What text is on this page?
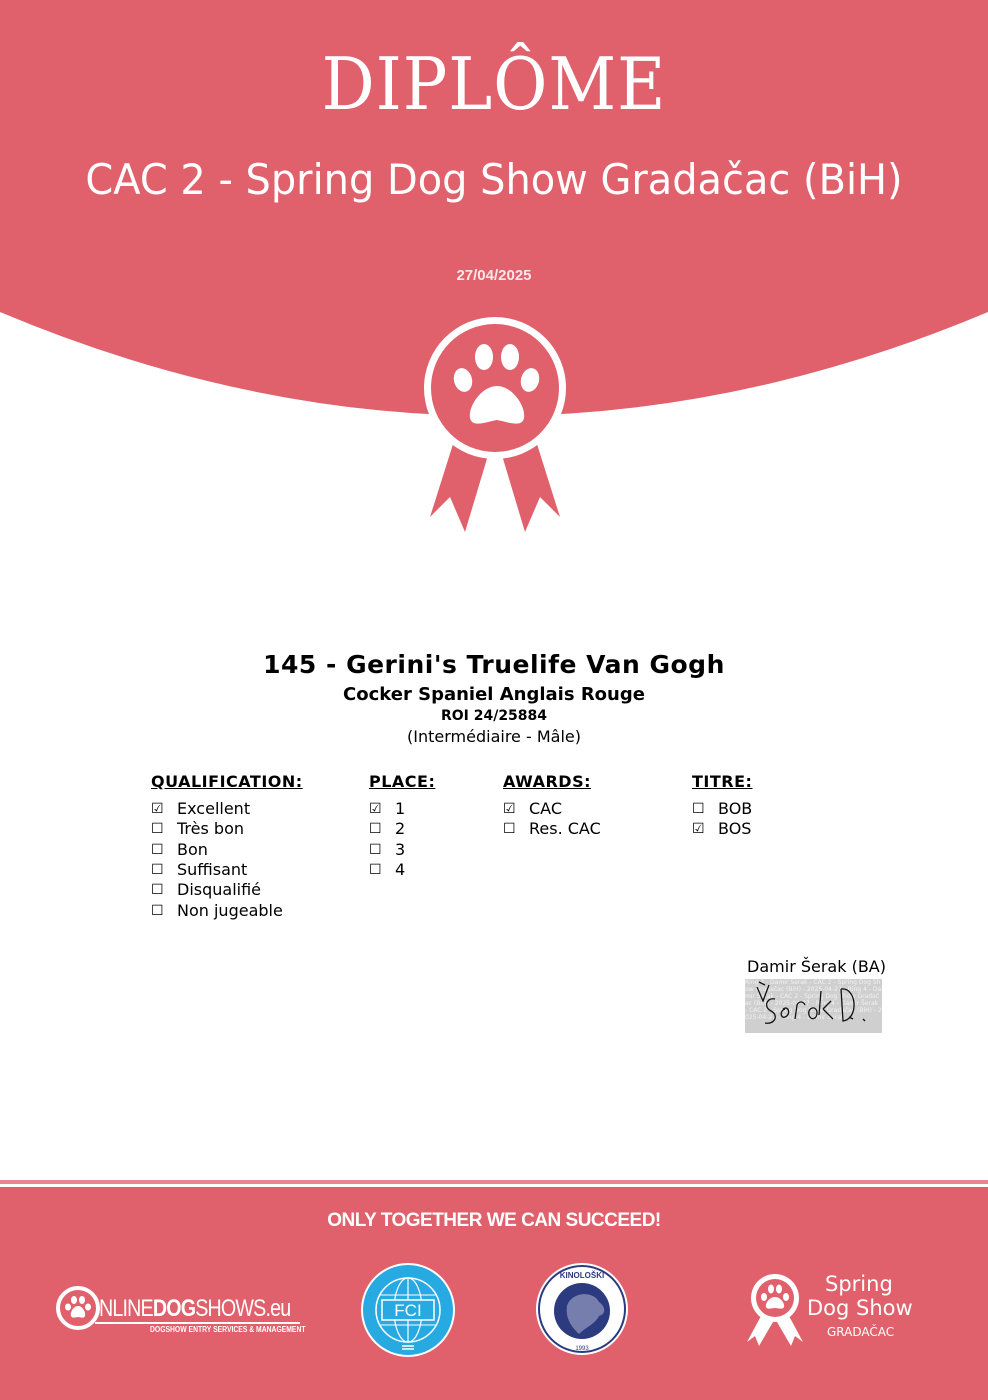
DIPLÔME
CAC 2 - Spring Dog Show Gradačac (BiH)
27/04/2025
145 - Gerini's Truelife Van Gogh
Cocker Spaniel Anglais Rouge
ROI 24/25884
(Intermédiaire - Mâle)
QUALIFICATION:
☑ Excellent
☐ Très bon
☐ Bon
☐ Suffisant
☐ Disqualifié
☐ Non jugeable
PLACE:
☑ 1
☐ 2
☐ 3
☐ 4
AWARDS:
☑ CAC
☐ Res. CAC
TITRE:
☐ BOB
☑ BOS
Damir Šerak (BA)
Ring 4 - Damir Šerak - CAC 2 - Spring Dog Show Gradačac (BiH) - 2025-04-27 - Ring 4 - Damir Šerak - CAC 2 - Spring Dog Show Gradačac (BiH) - 2025-04-27 - Ring 4 - Damir Šerak - CAC 2 - Spring Dog Show Gradačac (BiH) - 2025-04-27 - Ring 4 - Damir Šerak
ONLY TOGETHER WE CAN SUCCEED!
NLINEDOGSHOWS.eu
DOGSHOW ENTRY SERVICES & MANAGEMENT
FCI
1993
KINOLOŠKI	Spring
Dog Show
GRADAČAC
